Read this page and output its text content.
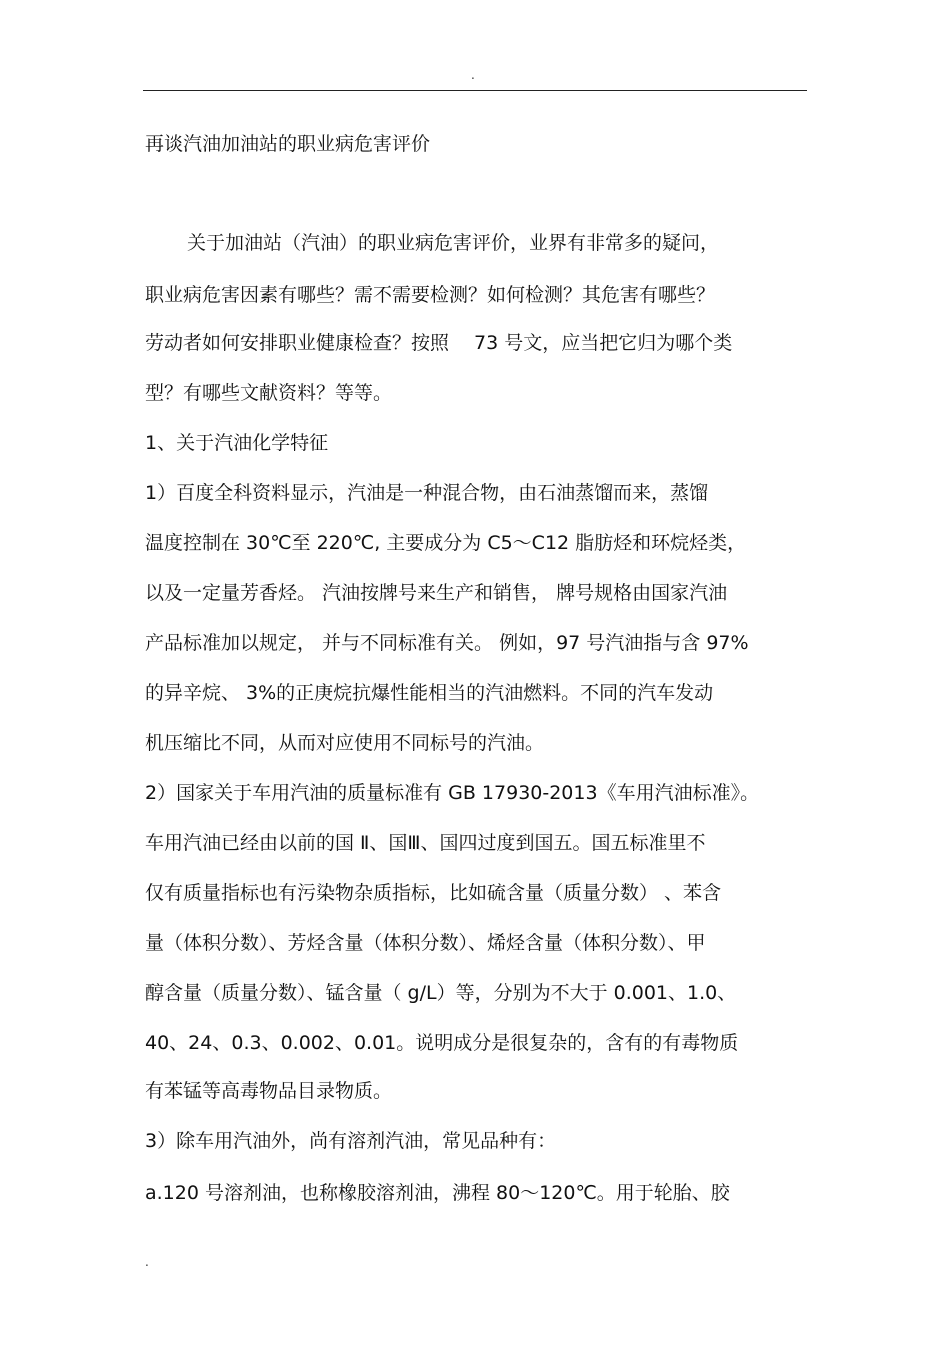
.
再谈汽油加油站的职业病危害评价
关于加油站（汽油）的职业病危害评价，业界有非常多的疑问，
职业病危害因素有哪些？需不需要检测？如何检测？其危害有哪些？
劳动者如何安排职业健康检查？按照　 73 号文，应当把它归为哪个类
型？有哪些文献资料？等等。
1、关于汽油化学特征
1）百度全科资料显示，汽油是一种混合物，由石油蒸馏而来，蒸馏
温度控制在 30℃至 220℃, 主要成分为 C5～C12 脂肪烃和环烷烃类，
以及一定量芳香烃。 汽油按牌号来生产和销售， 牌号规格由国家汽油
产品标准加以规定， 并与不同标准有关。 例如，97 号汽油指与含 97%
的异辛烷、 3%的正庚烷抗爆性能相当的汽油燃料。不同的汽车发动
机压缩比不同，从而对应使用不同标号的汽油。
2）国家关于车用汽油的质量标准有 GB 17930-2013《车用汽油标准》。
车用汽油已经由以前的国 Ⅱ、国Ⅲ、国四过度到国五。国五标准里不
仅有质量指标也有污染物杂质指标，比如硫含量（质量分数） 、苯含
量（体积分数）、芳烃含量（体积分数）、烯烃含量（体积分数）、甲
醇含量（质量分数）、锰含量（ g/L）等，分别为不大于 0.001、1.0、
40、24、0.3、0.002、0.01。说明成分是很复杂的，含有的有毒物质
有苯锰等高毒物品目录物质。
3）除车用汽油外，尚有溶剂汽油，常见品种有：
a.120 号溶剂油，也称橡胶溶剂油，沸程 80～120℃。用于轮胎、胶
.
